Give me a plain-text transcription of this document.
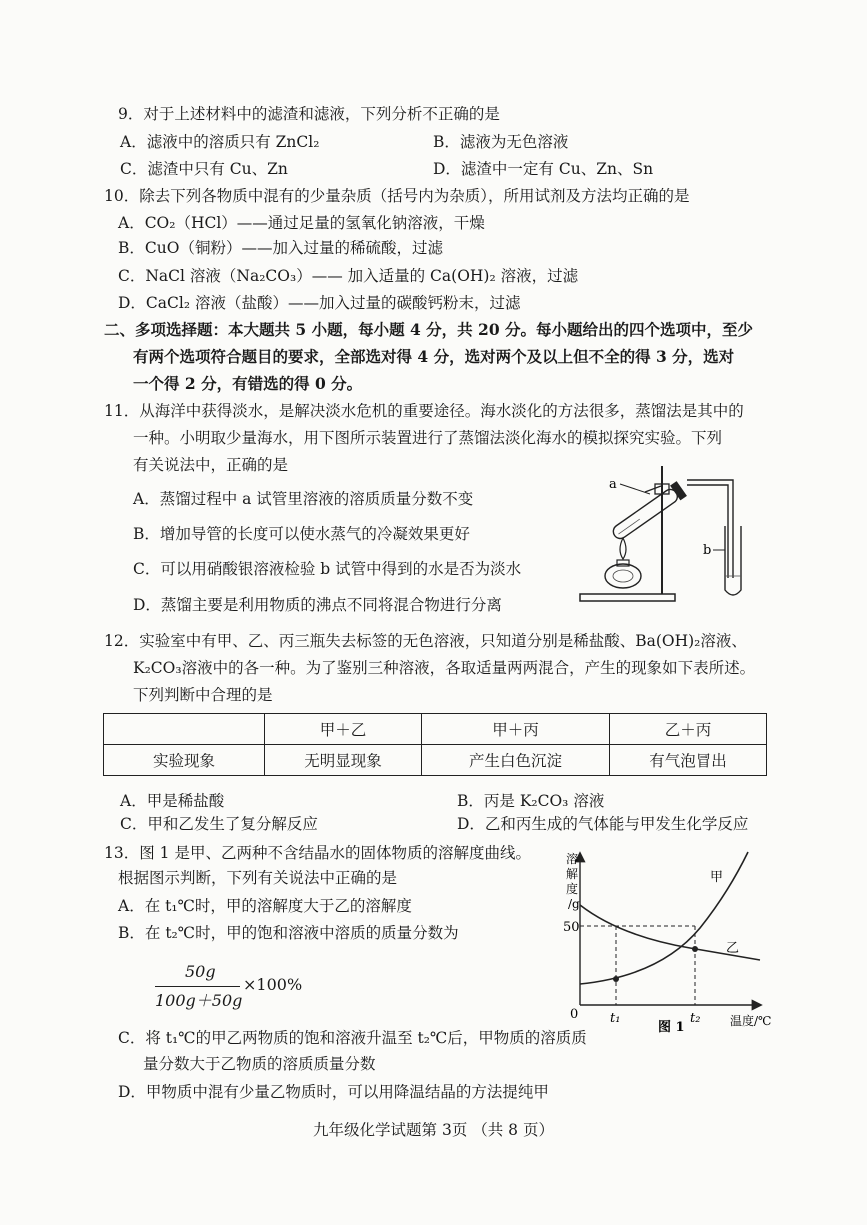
9．对于上述材料中的滤渣和滤液，下列分析不正确的是
A．滤液中的溶质只有 ZnCl₂	B．滤液为无色溶液
C．滤渣中只有 Cu、Zn	D．滤渣中一定有 Cu、Zn、Sn
10．除去下列各物质中混有的少量杂质（括号内为杂质），所用试剂及方法均正确的是
A．CO₂（HCl）——通过足量的氢氧化钠溶液，干燥
B．CuO（铜粉）——加入过量的稀硫酸，过滤
C．NaCl 溶液（Na₂CO₃）—— 加入适量的 Ca(OH)₂ 溶液，过滤
D．CaCl₂ 溶液（盐酸）——加入过量的碳酸钙粉末，过滤
二、多项选择题：本大题共 5 小题，每小题 4 分，共 20 分。每小题给出的四个选项中，至少
有两个选项符合题目的要求，全部选对得 4 分，选对两个及以上但不全的得 3 分，选对
一个得 2 分，有错选的得 0 分。
11．从海洋中获得淡水，是解决淡水危机的重要途径。海水淡化的方法很多，蒸馏法是其中的
一种。小明取少量海水，用下图所示装置进行了蒸馏法淡化海水的模拟探究实验。下列
有关说法中，正确的是
A．蒸馏过程中 a 试管里溶液的溶质质量分数不变
B．增加导管的长度可以使水蒸气的冷凝效果更好
C．可以用硝酸银溶液检验 b 试管中得到的水是否为淡水
D．蒸馏主要是利用物质的沸点不同将混合物进行分离
a
b
12．实验室中有甲、乙、丙三瓶失去标签的无色溶液，只知道分别是稀盐酸、Ba(OH)₂溶液、
K₂CO₃溶液中的各一种。为了鉴别三种溶液，各取适量两两混合，产生的现象如下表所述。
下列判断中合理的是
	甲＋乙	甲＋丙	乙＋丙
实验现象	无明显现象	产生白色沉淀	有气泡冒出
A．甲是稀盐酸	B．丙是 K₂CO₃ 溶液
C．甲和乙发生了复分解反应	D．乙和丙生成的气体能与甲发生化学反应
13．图 1 是甲、乙两种不含结晶水的固体物质的溶解度曲线。
根据图示判断，下列有关说法中正确的是
A．在 t₁℃时，甲的溶解度大于乙的溶解度
B．在 t₂℃时，甲的饱和溶液中溶质的质量分数为
50g
100g＋50g
×100%
C．将 t₁℃的甲乙两物质的饱和溶液升温至 t₂℃后，甲物质的溶质质
量分数大于乙物质的溶质质量分数
D．甲物质中混有少量乙物质时，可以用降温结晶的方法提纯甲
溶
解
度
/g
50
0 t₁	t₂ 温度/℃
图 1
甲
乙
九年级化学试题第 3页 （共 8 页）
